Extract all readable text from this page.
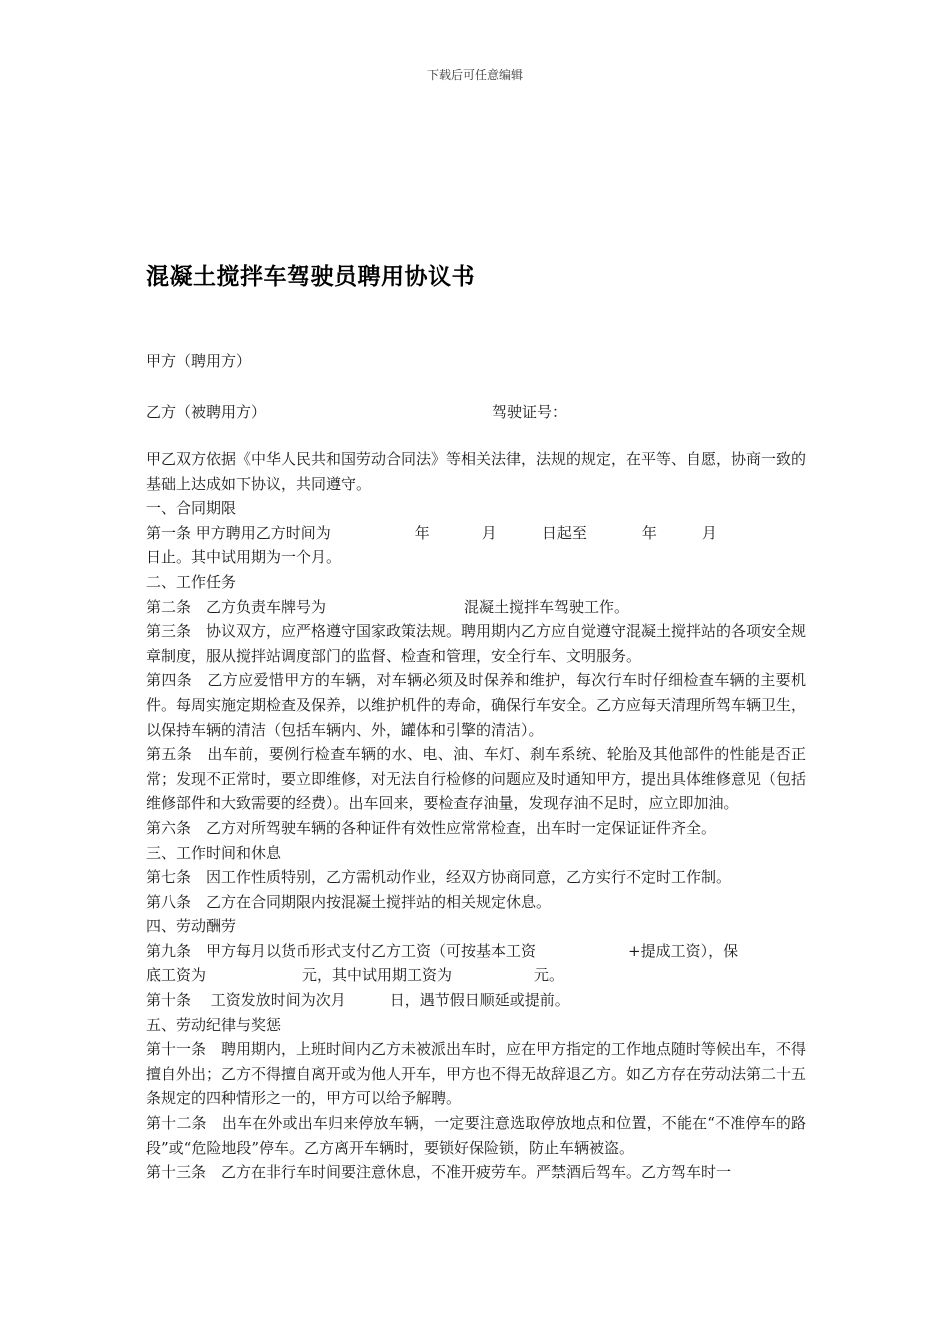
下载后可任意编辑
混凝土搅拌车驾驶员聘用协议书
甲方（聘用方）
乙方（被聘用方）	驾驶证号：
甲乙双方依据《中华人民共和国劳动合同法》等相关法律，法规的规定，在平等、自愿，协商一致的基础上达成如下协议，共同遵守。
一、合同期限
第一条 甲方聘用乙方时间为	年	月	日起至	年	月
日止。其中试用期为一个月。
二、工作任务
第二条　乙方负责车牌号为	混凝土搅拌车驾驶工作。
第三条　协议双方，应严格遵守国家政策法规。聘用期内乙方应自觉遵守混凝土搅拌站的各项安全规章制度，服从搅拌站调度部门的监督、检查和管理，安全行车、文明服务。
第四条　乙方应爱惜甲方的车辆，对车辆必须及时保养和维护，每次行车时仔细检查车辆的主要机件。每周实施定期检查及保养，以维护机件的寿命，确保行车安全。乙方应每天清理所驾车辆卫生，以保持车辆的清洁（包括车辆内、外，罐体和引擎的清洁）。
第五条　出车前，要例行检查车辆的水、电、油、车灯、刹车系统、轮胎及其他部件的性能是否正常；发现不正常时，要立即维修，对无法自行检修的问题应及时通知甲方，提出具体维修意见（包括维修部件和大致需要的经费）。出车回来，要检查存油量，发现存油不足时，应立即加油。
第六条　乙方对所驾驶车辆的各种证件有效性应常常检查，出车时一定保证证件齐全。
三、工作时间和休息
第七条　因工作性质特别，乙方需机动作业，经双方协商同意，乙方实行不定时工作制。
第八条　乙方在合同期限内按混凝土搅拌站的相关规定休息。
四、劳动酬劳
第九条　甲方每月以货币形式支付乙方工资（可按基本工资	+提成工资），保
底工资为	元，其中试用期工资为	元。
第十条　 工资发放时间为次月	日，遇节假日顺延或提前。
五、劳动纪律与奖惩
第十一条　聘用期内，上班时间内乙方未被派出车时，应在甲方指定的工作地点随时等候出车，不得擅自外出；乙方不得擅自离开或为他人开车，甲方也不得无故辞退乙方。如乙方存在劳动法第二十五条规定的四种情形之一的，甲方可以给予解聘。
第十二条　出车在外或出车归来停放车辆，一定要注意选取停放地点和位置，不能在“不准停车的路段”或“危险地段”停车。乙方离开车辆时，要锁好保险锁，防止车辆被盗。
第十三条　乙方在非行车时间要注意休息，不准开疲劳车。严禁酒后驾车。乙方驾车时一
